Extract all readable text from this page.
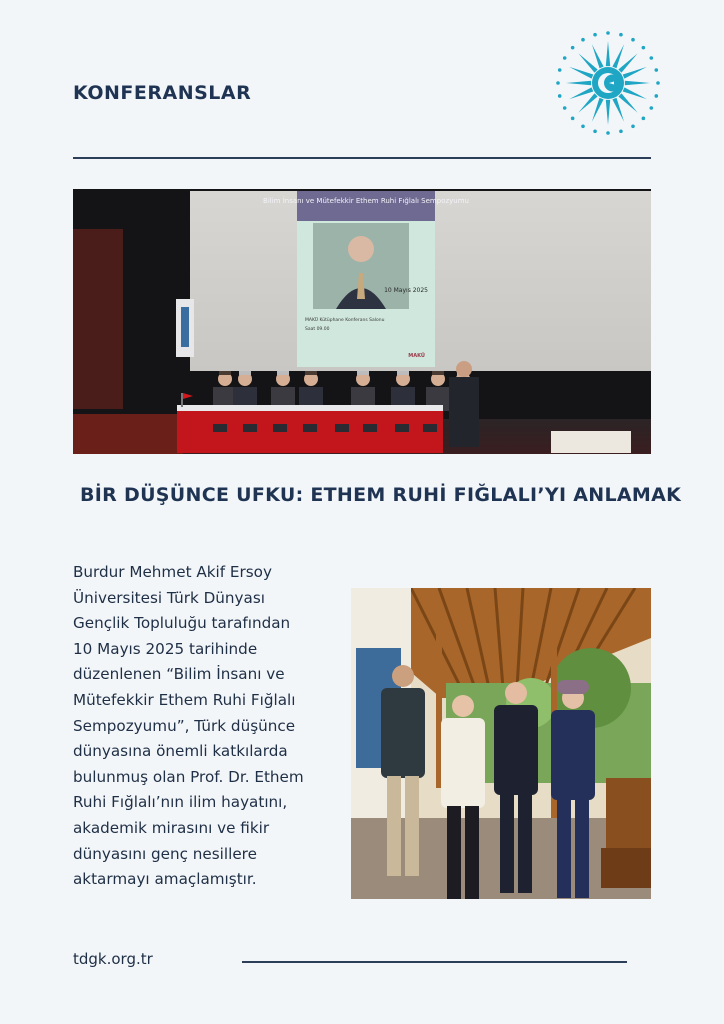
KONFERANSLAR
Bilim İnsanı ve Mütefekkir Ethem Ruhi Fığlalı Sempozyumu
10 Mayıs 2025
MAKÜ Kütüphane Konferans Salonu
Saat 09.00
MAKÜ
BİR DÜŞÜNCE UFKU: ETHEM RUHİ FIĞLALI’YI ANLAMAK
Burdur Mehmet Akif Ersoy
Üniversitesi Türk Dünyası
Gençlik Topluluğu tarafından
10 Mayıs 2025 tarihinde
düzenlenen “Bilim İnsanı ve
Mütefekkir Ethem Ruhi Fığlalı
Sempozyumu”, Türk düşünce
dünyasına önemli katkılarda
bulunmuş olan Prof. Dr. Ethem
Ruhi Fığlalı’nın ilim hayatını,
akademik mirasını ve fikir
dünyasını genç nesillere
aktarmayı amaçlamıştır.
tdgk.org.tr
